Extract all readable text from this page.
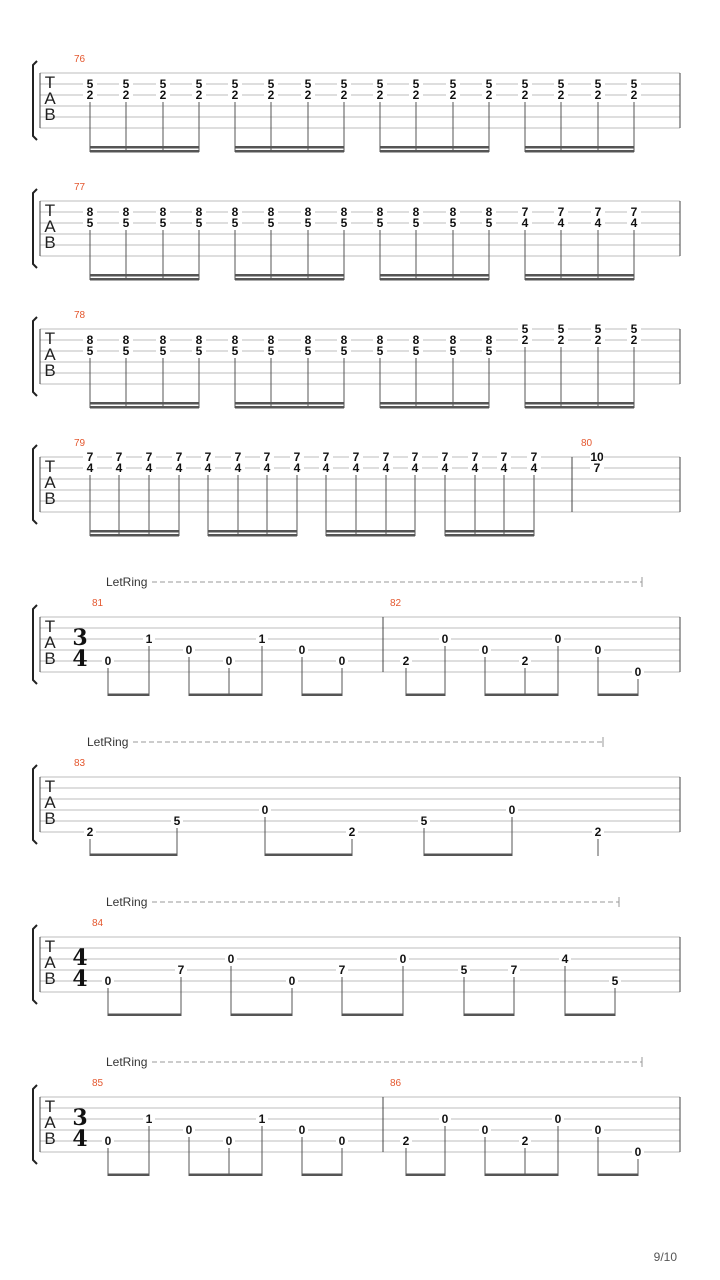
T
A
B
76
5
2
5
2
5
2
5
2
5
2
5
2
5
2
5
2
5
2
5
2
5
2
5
2
5
2
5
2
5
2
5
2
T
A
B
77
8
5
8
5
8
5
8
5
8
5
8
5
8
5
8
5
8
5
8
5
8
5
8
5
7
4
7
4
7
4
7
4
T
A
B
78
8
5
8
5
8
5
8
5
8
5
8
5
8
5
8
5
8
5
8
5
8
5
8
5
5
2
5
2
5
2
5
2
T
A
B
79
7
4
7
4
7
4
7
4
7
4
7
4
7
4
7
4
7
4
7
4
7
4
7
4
7
4
7
4
7
4
7
4
80
10
7
T
A
B
3
4
LetRing
81
0
1
0
0
1
0
0
82
2
0
0
2
0
0
0
T
A
B
LetRing
83
2
5
0
2
5
0
2
T
A
B
4
4
LetRing
84
0
7
0
0
7
0
5	7
4
5
T
A
B
3
4
LetRing
85
0
1
0
0
1
0
0
86
2
0
0
2
0
0
0
9/10
